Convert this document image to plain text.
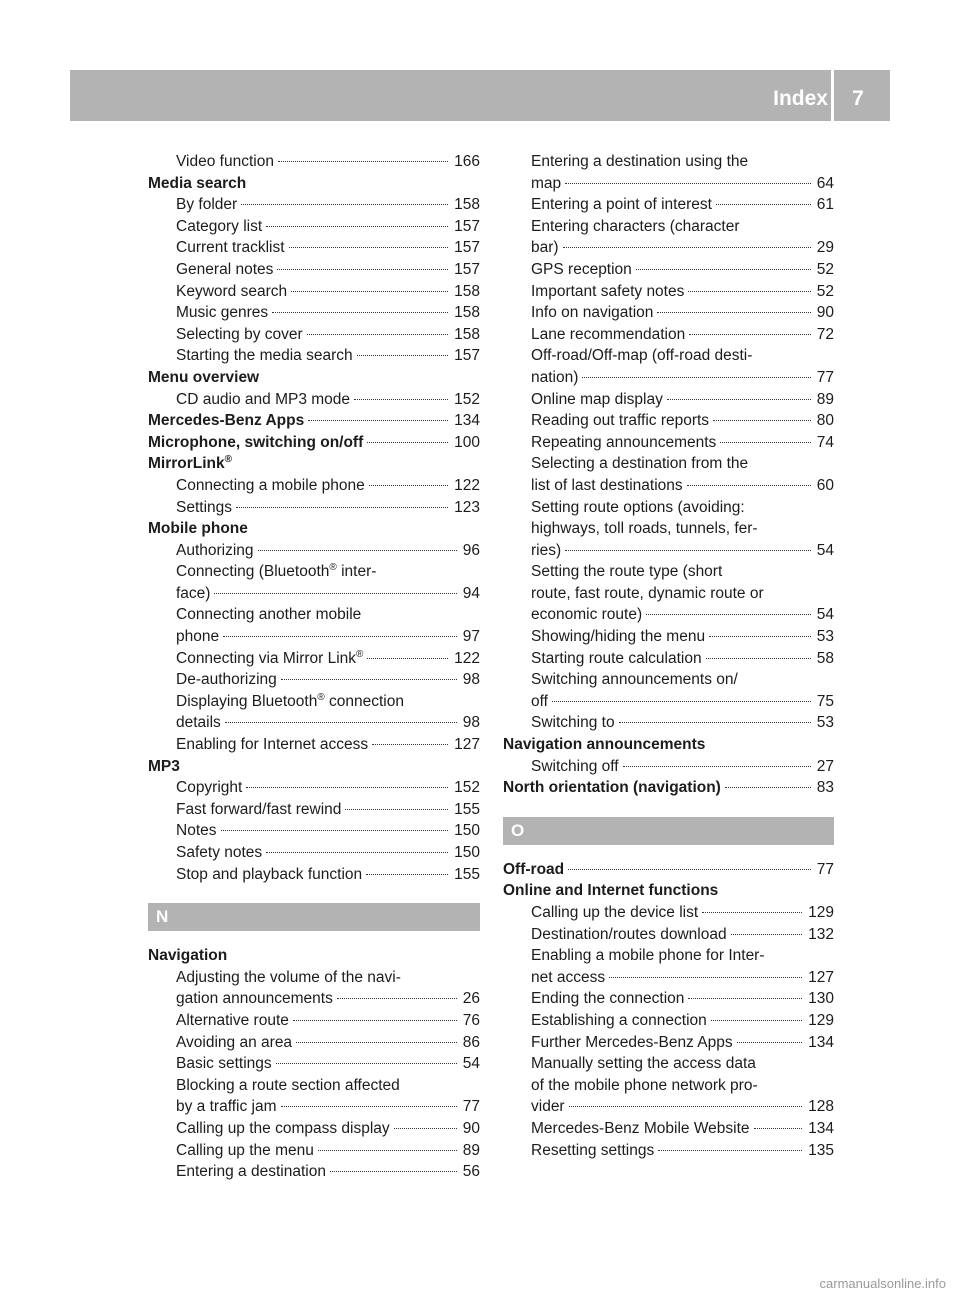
Index	7
Video function	166
Media search
By folder	158
Category list	157
Current tracklist	157
General notes	157
Keyword search	158
Music genres	158
Selecting by cover	158
Starting the media search	157
Menu overview
CD audio and MP3 mode	152
Mercedes-Benz Apps	134
Microphone, switching on/off	100
MirrorLink®
Connecting a mobile phone	122
Settings	123
Mobile phone
Authorizing	96
Connecting (Bluetooth® inter-
face)	94
Connecting another mobile
phone	97
Connecting via Mirror Link®	122
De-authorizing	98
Displaying Bluetooth® connection
details	98
Enabling for Internet access	127
MP3
Copyright	152
Fast forward/fast rewind	155
Notes	150
Safety notes	150
Stop and playback function	155
N
Navigation
Adjusting the volume of the navi-
gation announcements	26
Alternative route	76
Avoiding an area	86
Basic settings	54
Blocking a route section affected
by a traffic jam	77
Calling up the compass display	90
Calling up the menu	89
Entering a destination	56
Entering a destination using the
map	64
Entering a point of interest	61
Entering characters (character
bar)	29
GPS reception	52
Important safety notes	52
Info on navigation	90
Lane recommendation	72
Off-road/Off-map (off-road desti-
nation)	77
Online map display	89
Reading out traffic reports	80
Repeating announcements	74
Selecting a destination from the
list of last destinations	60
Setting route options (avoiding:
highways, toll roads, tunnels, fer-
ries)	54
Setting the route type (short
route, fast route, dynamic route or
economic route)	54
Showing/hiding the menu	53
Starting route calculation	58
Switching announcements on/
off	75
Switching to	53
Navigation announcements
Switching off	27
North orientation (navigation)	83
O
Off-road	77
Online and Internet functions
Calling up the device list	129
Destination/routes download	132
Enabling a mobile phone for Inter-
net access	127
Ending the connection	130
Establishing a connection	129
Further Mercedes-Benz Apps	134
Manually setting the access data
of the mobile phone network pro-
vider	128
Mercedes-Benz Mobile Website	134
Resetting settings	135
carmanualsonline.info
